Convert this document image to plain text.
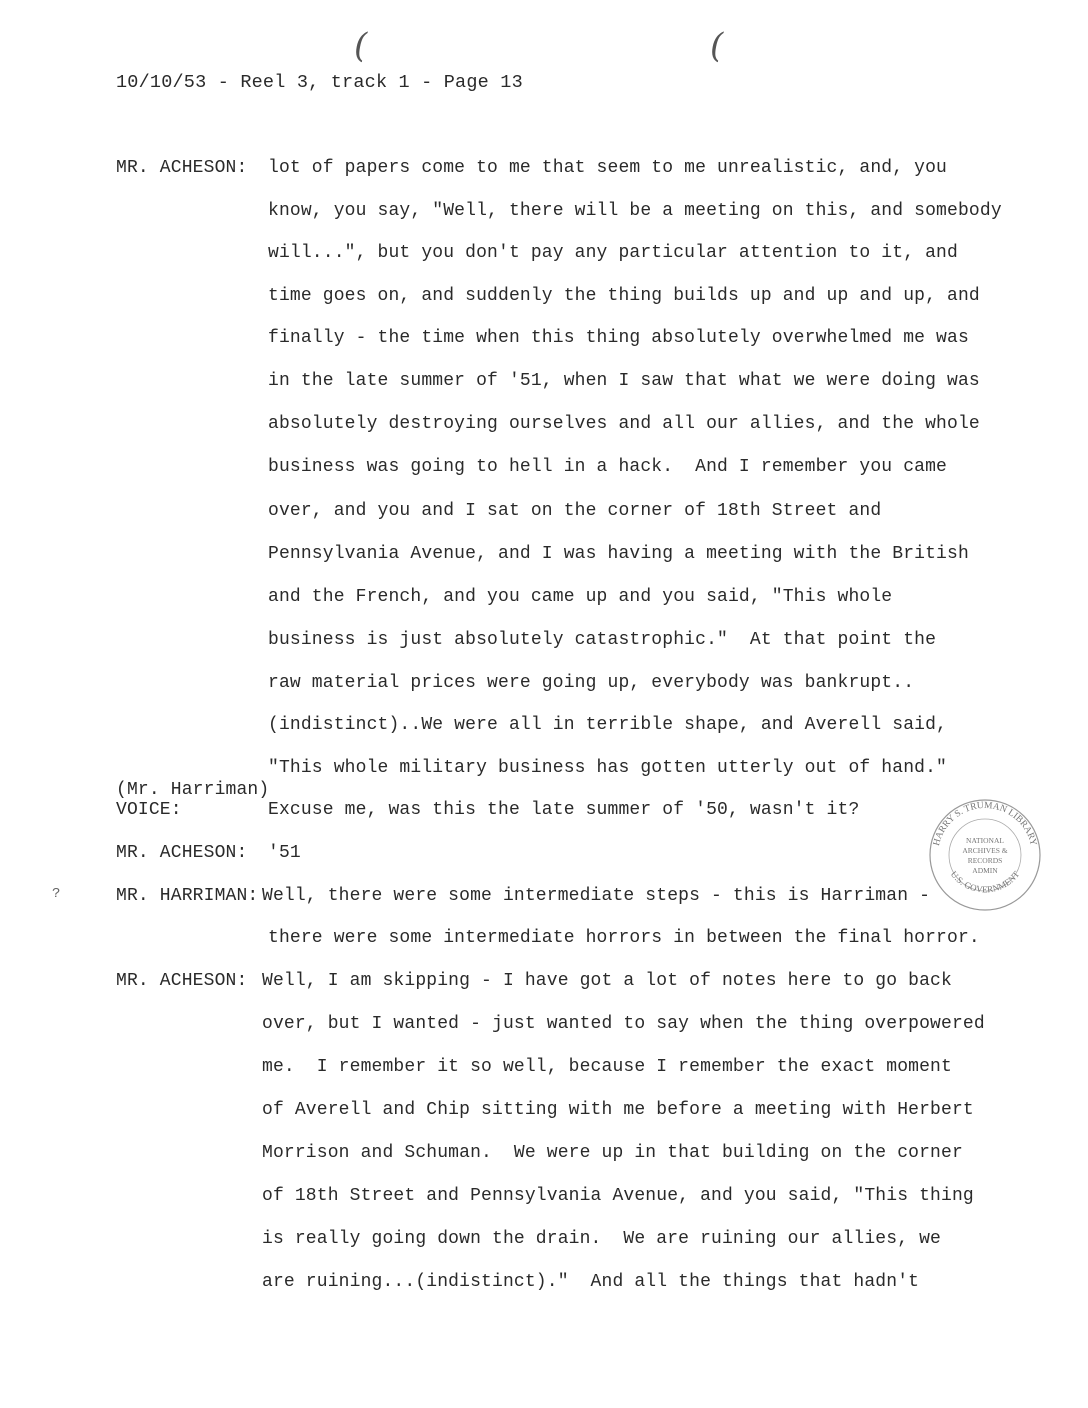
(	(
10/10/53 - Reel 3, track 1 - Page 13
MR. ACHESON: lot of papers come to me that seem to me unrealistic, and, you
know, you say, "Well, there will be a meeting on this, and somebody
will...", but you don't pay any particular attention to it, and
time goes on, and suddenly the thing builds up and up and up, and
finally - the time when this thing absolutely overwhelmed me was
in the late summer of '51, when I saw that what we were doing was
absolutely destroying ourselves and all our allies, and the whole
business was going to hell in a hack.  And I remember you came
over, and you and I sat on the corner of 18th Street and
Pennsylvania Avenue, and I was having a meeting with the British
and the French, and you came up and you said, "This whole
business is just absolutely catastrophic."  At that point the
raw material prices were going up, everybody was bankrupt..
(indistinct)..We were all in terrible shape, and Averell said,
"This whole military business has gotten utterly out of hand."
(Mr. Harriman)
VOICE:	Excuse me, was this the late summer of '50, wasn't it?
MR. ACHESON: '51
?	MR. HARRIMAN: Well, there were some intermediate steps - this is Harriman -
there were some intermediate horrors in between the final horror.
MR. ACHESON: Well, I am skipping - I have got a lot of notes here to go back
over, but I wanted - just wanted to say when the thing overpowered
me.  I remember it so well, because I remember the exact moment
of Averell and Chip sitting with me before a meeting with Herbert
Morrison and Schuman.  We were up in that building on the corner
of 18th Street and Pennsylvania Avenue, and you said, "This thing
is really going down the drain.  We are ruining our allies, we
are ruining...(indistinct)."  And all the things that hadn't
HARRY S. TRUMAN LIBRARY
U.S. GOVERNMENT
NATIONAL
ARCHIVES &
RECORDS
ADMIN
